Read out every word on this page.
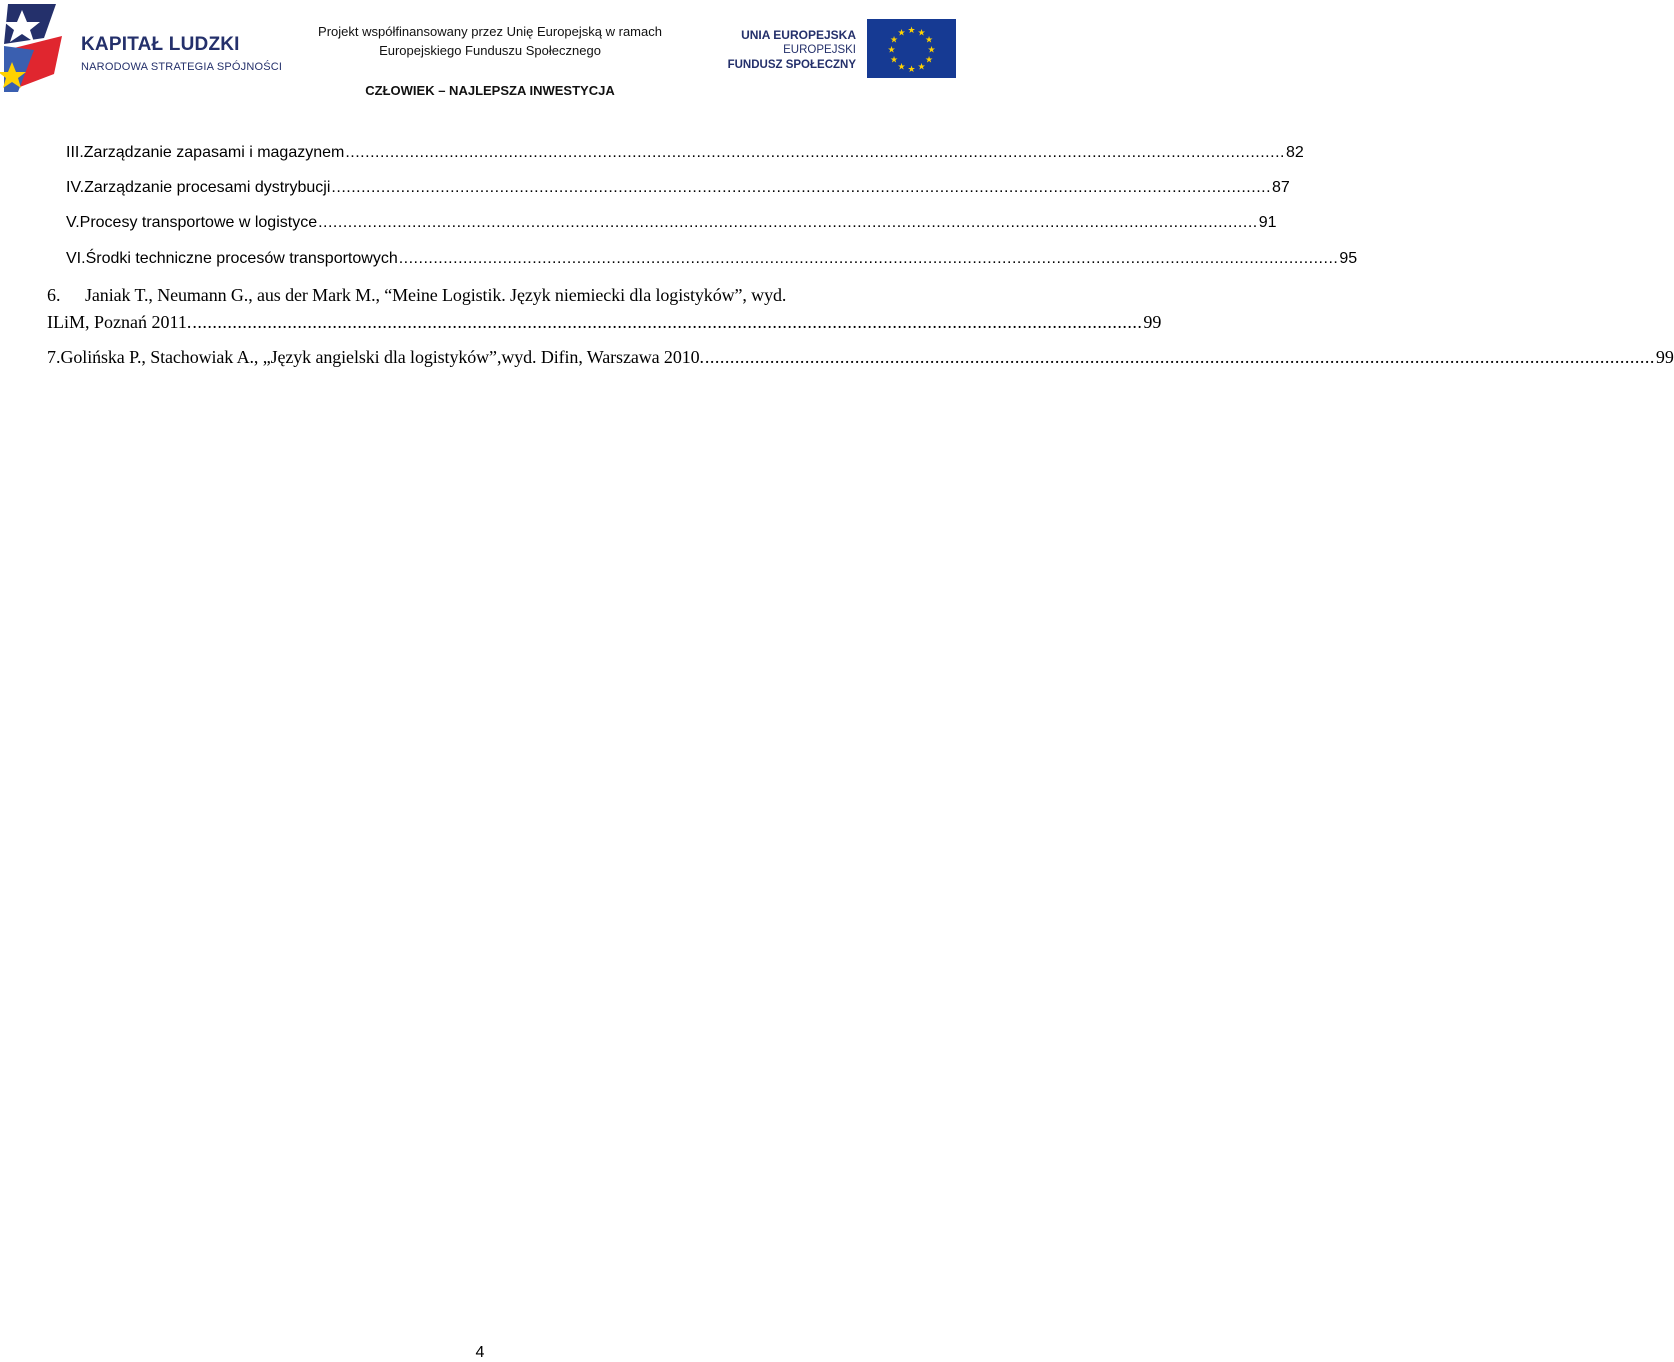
KAPITAŁ LUDZKI
NARODOWA STRATEGIA SPÓJNOŚCI
Projekt współfinansowany przez Unię Europejską w ramach
Europejskiego Funduszu Społecznego
CZŁOWIEK – NAJLEPSZA INWESTYCJA
UNIA EUROPEJSKA
EUROPEJSKI
FUNDUSZ SPOŁECZNY
★ ★
★
★
★
★
★
★
★
★
★
★
III. Zarządzanie zapasami i magazynem .............................................................................................................................................................................................. 82
IV. Zarządzanie procesami dystrybucji .............................................................................................................................................................................................. 87
V. Procesy transportowe w logistyce .............................................................................................................................................................................................. 91
VI. Środki techniczne procesów transportowych .............................................................................................................................................................................................. 95
6.	Janiak T., Neumann G., aus der Mark M., “Meine Logistik. Język niemiecki dla logistyków”, wyd.
ILiM, Poznań 2011. .............................................................................................................................................................................................. 99
7. Golińska P., Stachowiak A., „Język angielski dla logistyków”,wyd. Difin, Warszawa 2010. .............................................................................................................................................................................................. 99
4
